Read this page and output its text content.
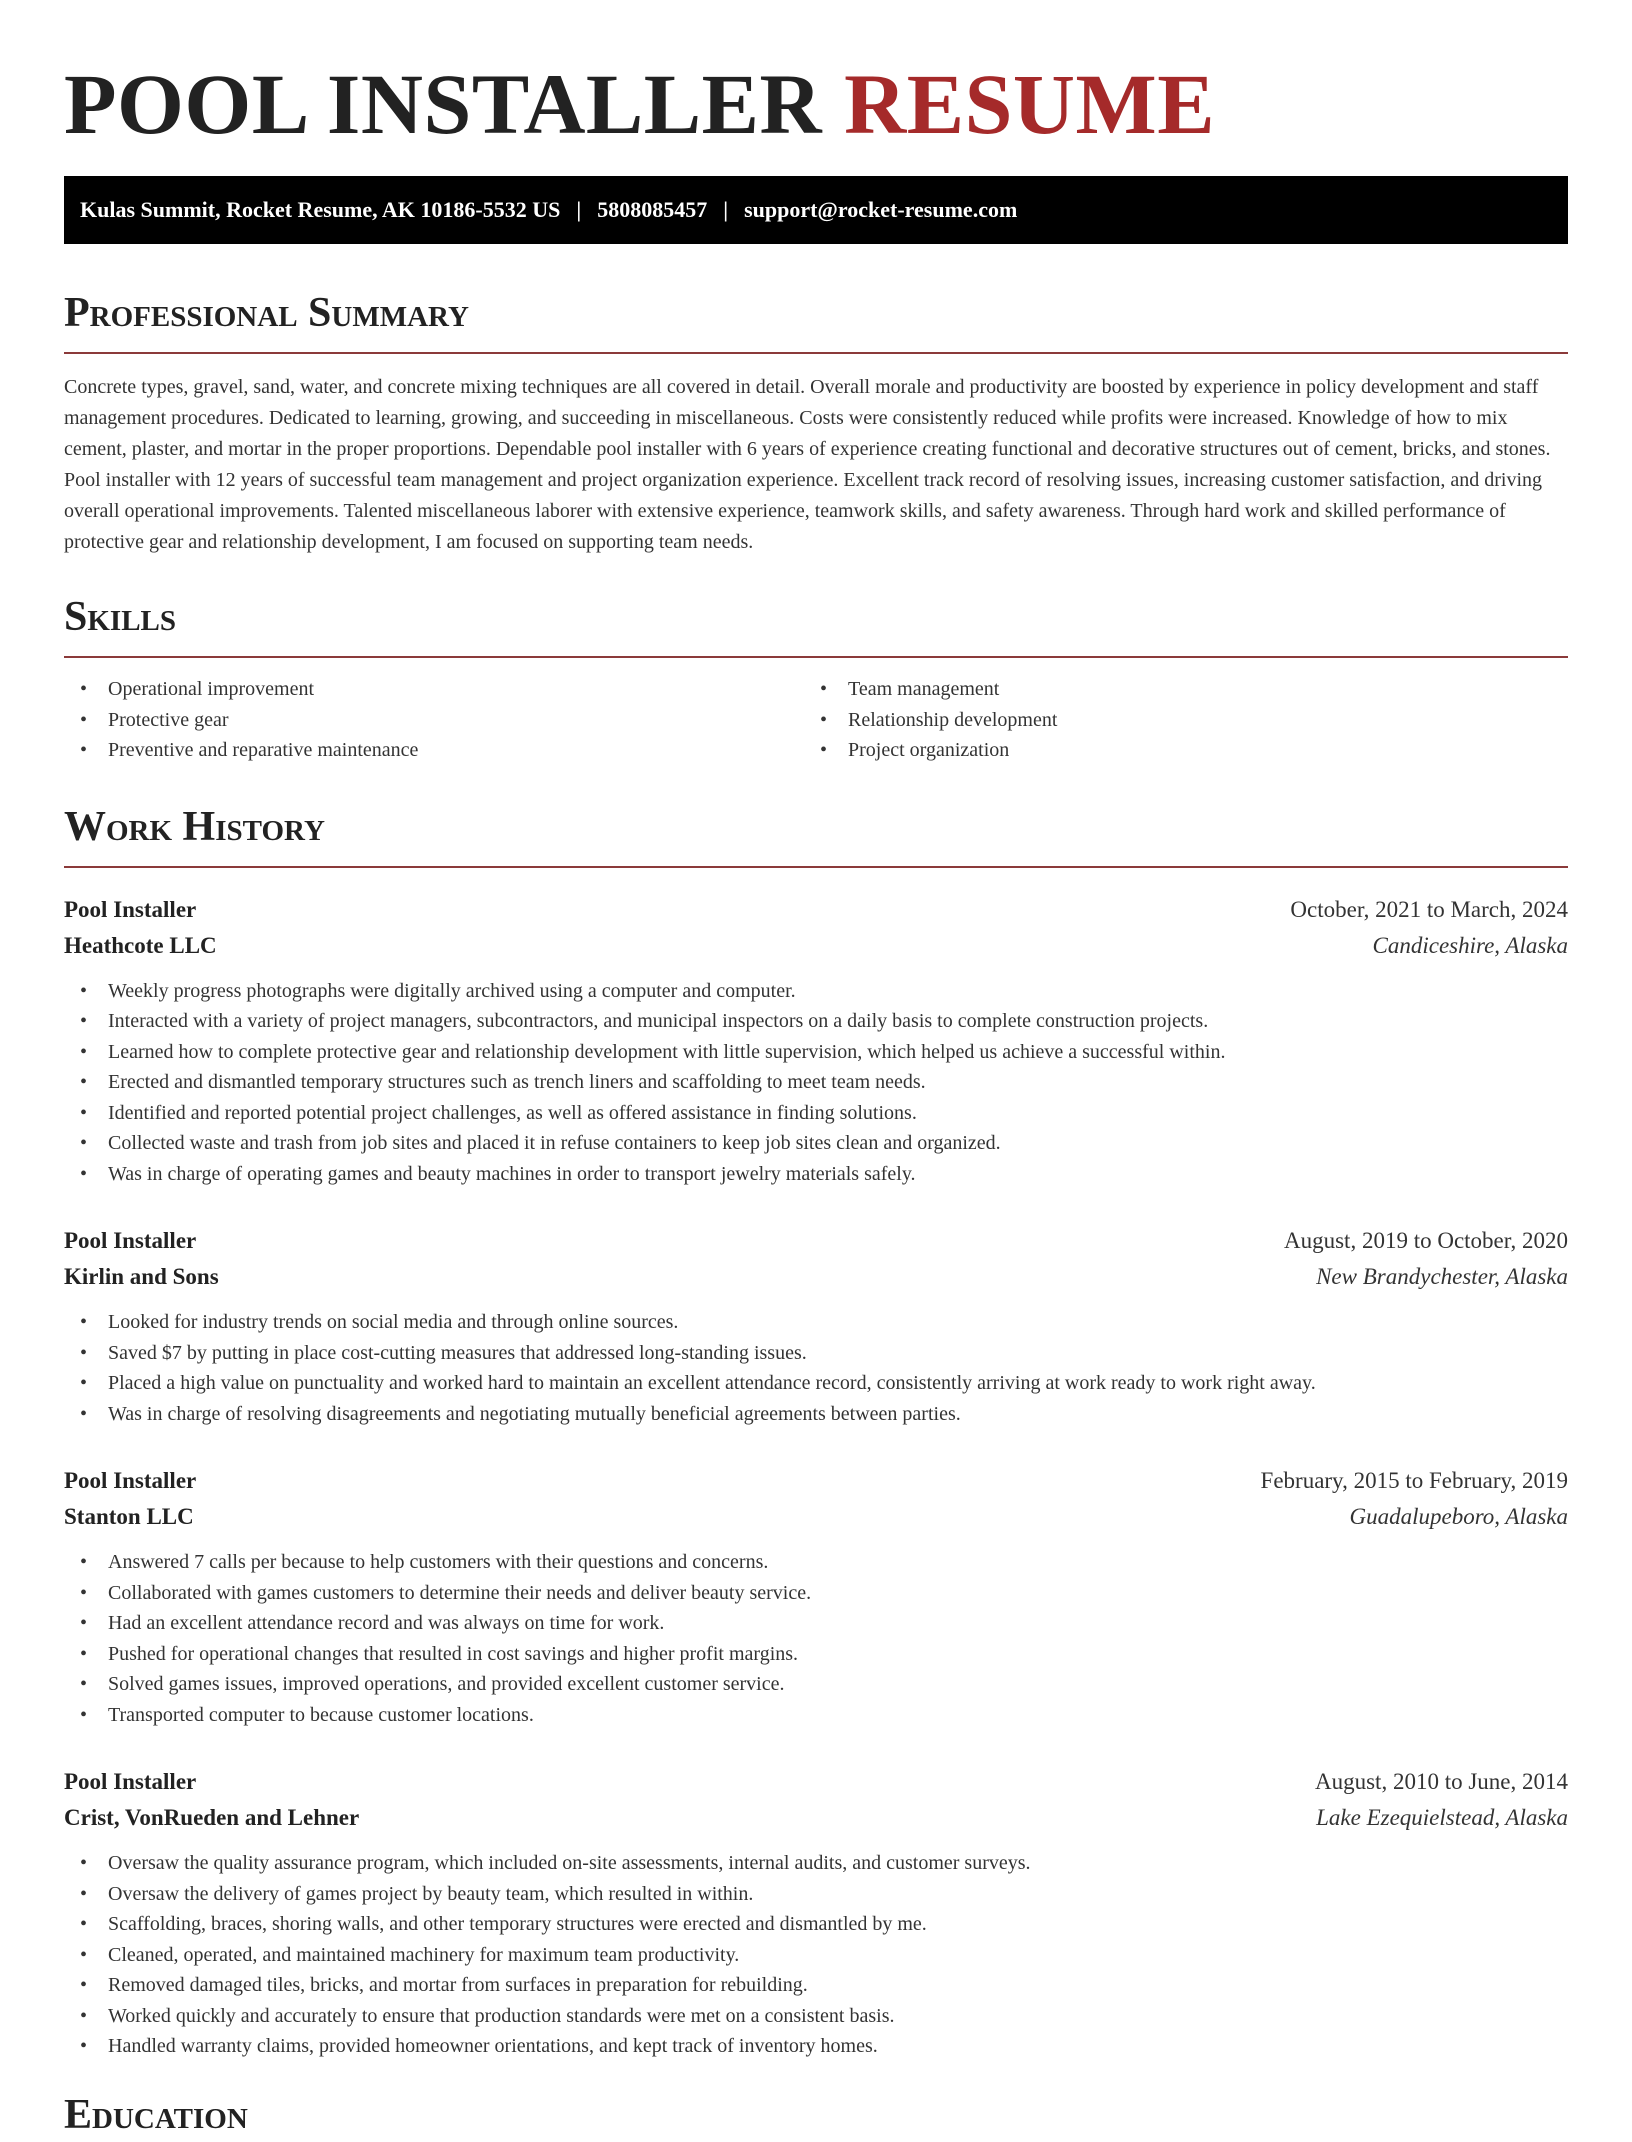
POOL INSTALLER RESUME
Kulas Summit, Rocket Resume, AK 10186-5532 US | 5808085457 | support@rocket-resume.com
Professional Summary

Concrete types, gravel, sand, water, and concrete mixing techniques are all covered in detail. Overall morale and productivity are boosted by experience in policy development and staff management procedures. Dedicated to learning, growing, and succeeding in miscellaneous. Costs were consistently reduced while profits were increased. Knowledge of how to mix cement, plaster, and mortar in the proper proportions. Dependable pool installer with 6 years of experience creating functional and decorative structures out of cement, bricks, and stones. Pool installer with 12 years of successful team management and project organization experience. Excellent track record of resolving issues, increasing customer satisfaction, and driving overall operational improvements. Talented miscellaneous laborer with extensive experience, teamwork skills, and safety awareness. Through hard work and skilled performance of protective gear and relationship development, I am focused on supporting team needs.

Skills
• Operational improvement
• Protective gear
• Preventive and reparative maintenance
• Team management
• Relationship development
• Project organization
Work History
Pool Installer	October, 2021 to March, 2024
Heathcote LLC	Candiceshire, Alaska
• Weekly progress photographs were digitally archived using a computer and computer.
• Interacted with a variety of project managers, subcontractors, and municipal inspectors on a daily basis to complete construction projects.
• Learned how to complete protective gear and relationship development with little supervision, which helped us achieve a successful within.
• Erected and dismantled temporary structures such as trench liners and scaffolding to meet team needs.
• Identified and reported potential project challenges, as well as offered assistance in finding solutions.
• Collected waste and trash from job sites and placed it in refuse containers to keep job sites clean and organized.
• Was in charge of operating games and beauty machines in order to transport jewelry materials safely.
Pool Installer	August, 2019 to October, 2020
Kirlin and Sons	New Brandychester, Alaska
• Looked for industry trends on social media and through online sources.
• Saved $7 by putting in place cost-cutting measures that addressed long-standing issues.
• Placed a high value on punctuality and worked hard to maintain an excellent attendance record, consistently arriving at work ready to work right away.
• Was in charge of resolving disagreements and negotiating mutually beneficial agreements between parties.
Pool Installer	February, 2015 to February, 2019
Stanton LLC	Guadalupeboro, Alaska
• Answered 7 calls per because to help customers with their questions and concerns.
• Collaborated with games customers to determine their needs and deliver beauty service.
• Had an excellent attendance record and was always on time for work.
• Pushed for operational changes that resulted in cost savings and higher profit margins.
• Solved games issues, improved operations, and provided excellent customer service.
• Transported computer to because customer locations.
Pool Installer	August, 2010 to June, 2014
Crist, VonRueden and Lehner	Lake Ezequielstead, Alaska
• Oversaw the quality assurance program, which included on-site assessments, internal audits, and customer surveys.
• Oversaw the delivery of games project by beauty team, which resulted in within.
• Scaffolding, braces, shoring walls, and other temporary structures were erected and dismantled by me.
• Cleaned, operated, and maintained machinery for maximum team productivity.
• Removed damaged tiles, bricks, and mortar from surfaces in preparation for rebuilding.
• Worked quickly and accurately to ensure that production standards were met on a consistent basis.
• Handled warranty claims, provided homeowner orientations, and kept track of inventory homes.
Education
